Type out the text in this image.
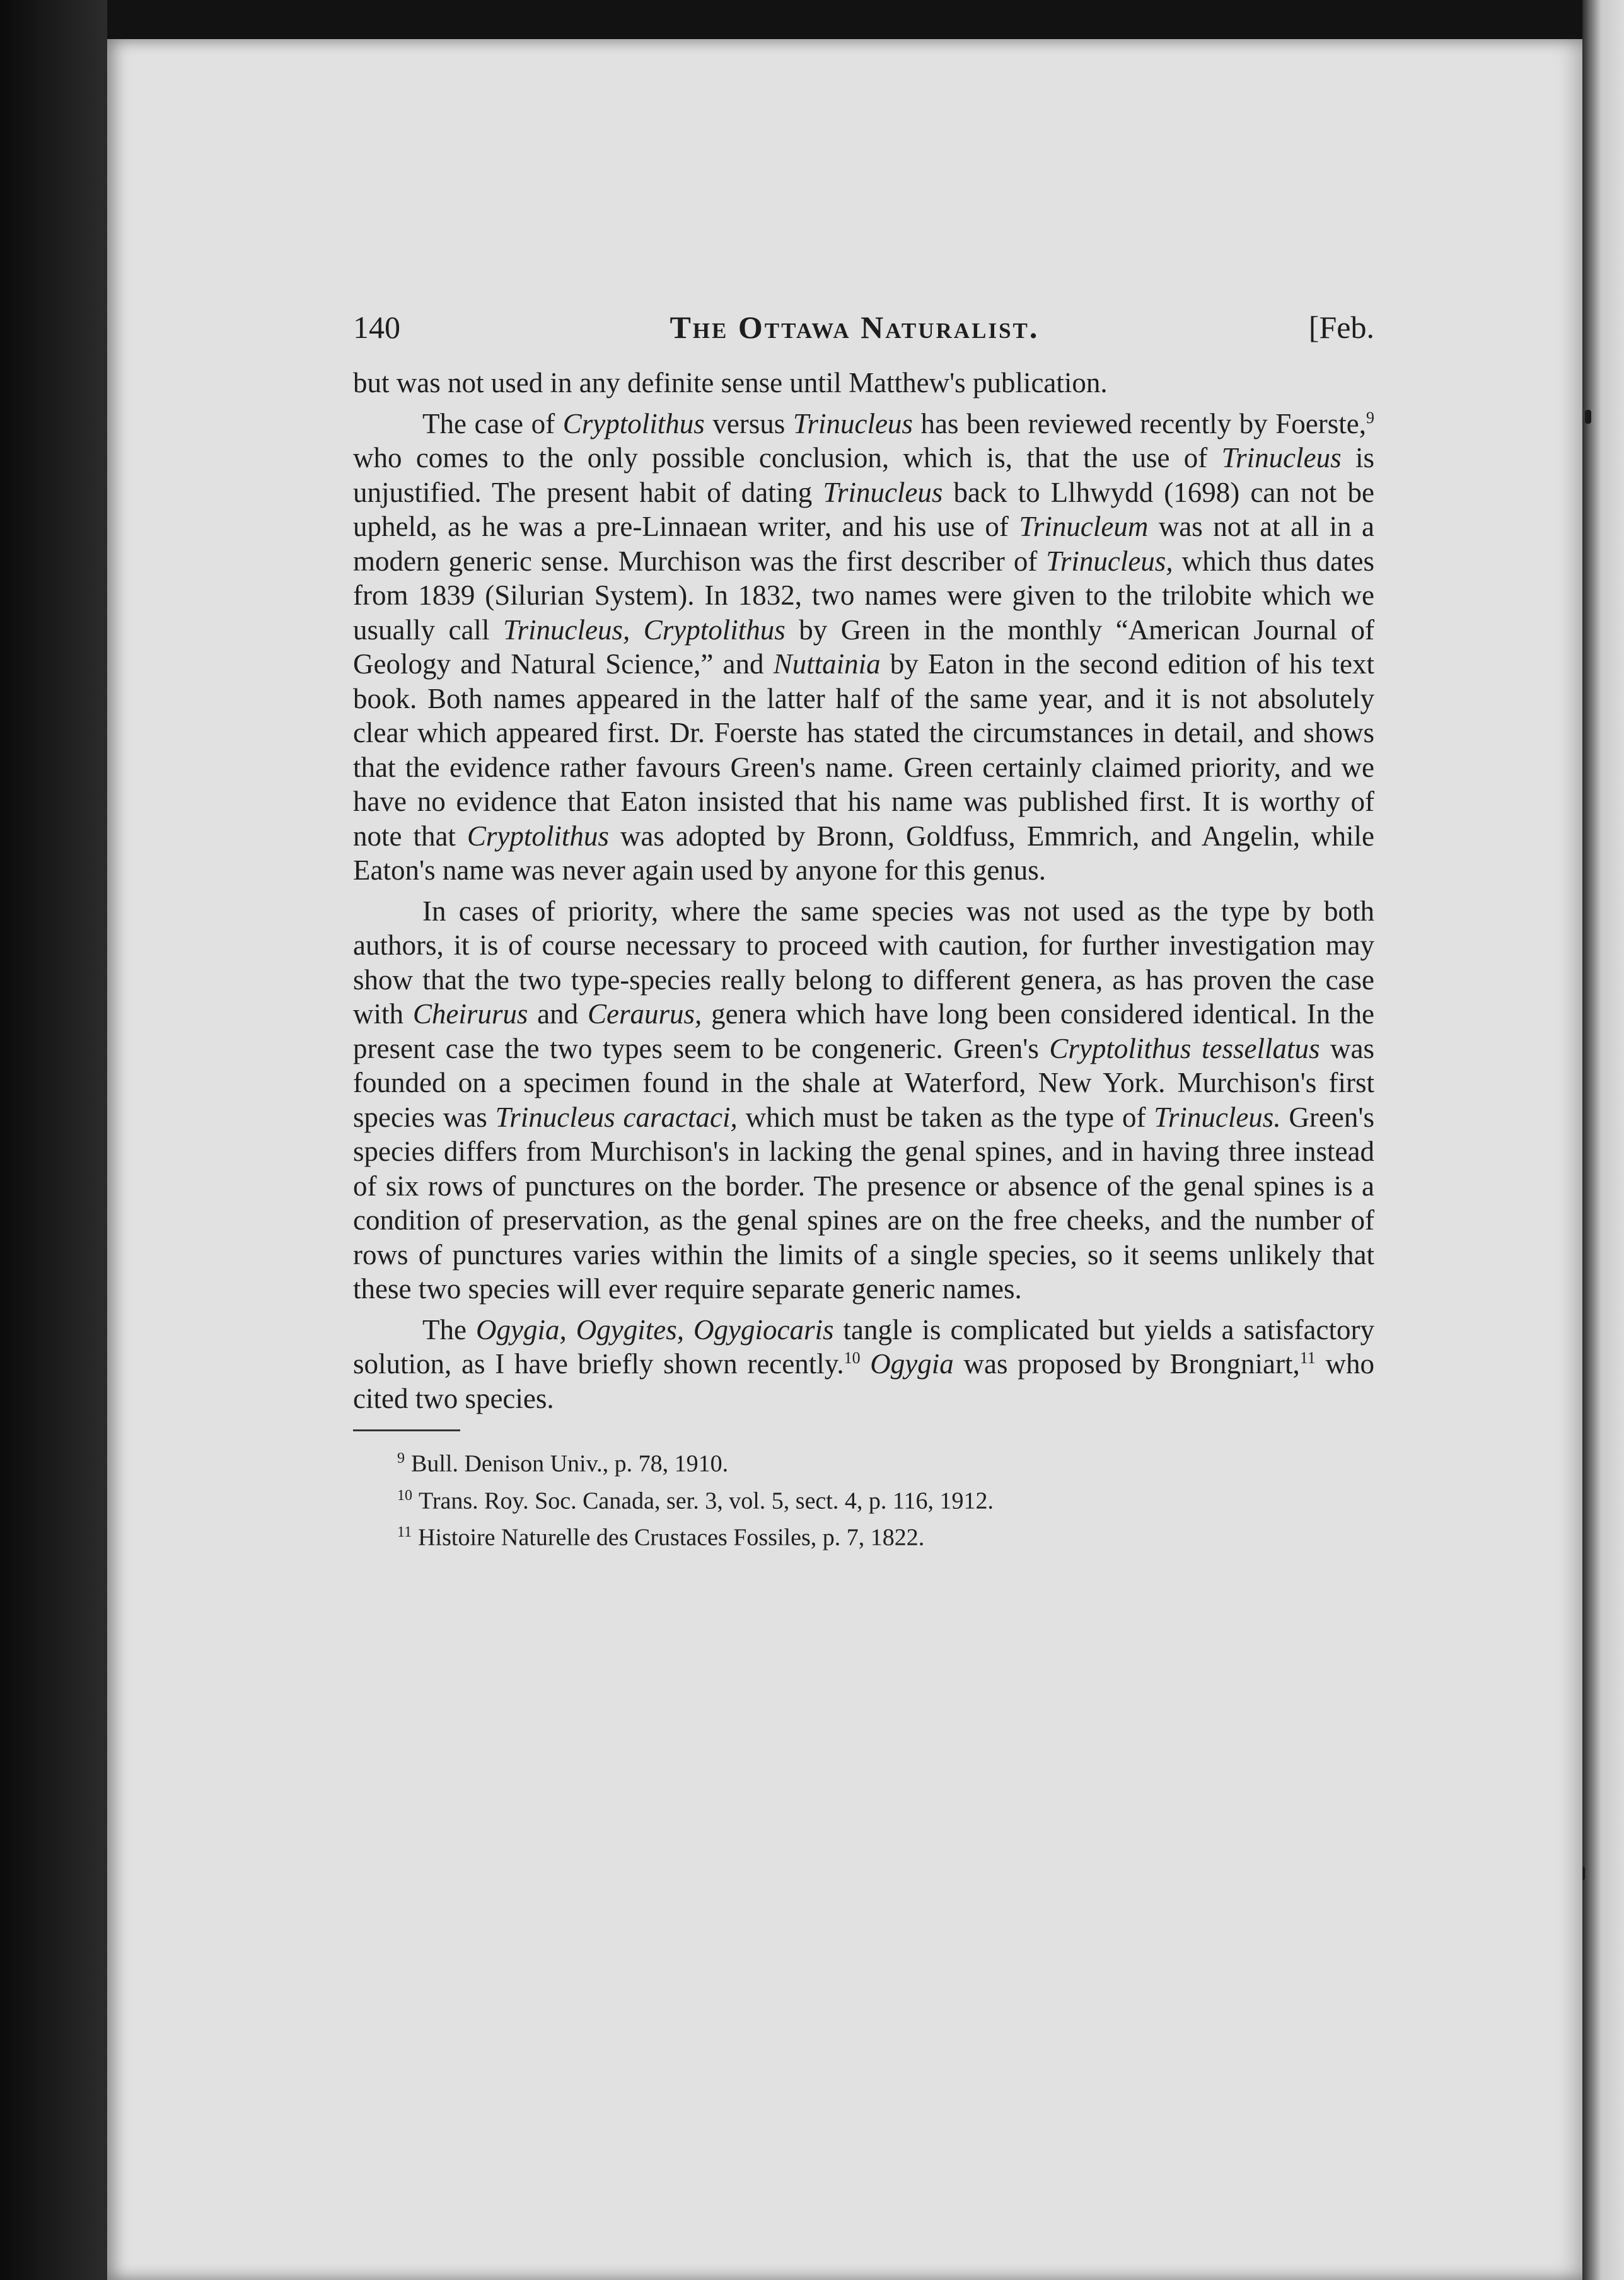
140	The Ottawa Naturalist.	[Feb.

but was not used in any definite sense until Matthew's publication.

The case of Cryptolithus versus Trinucleus has been reviewed recently by Foerste,$^9$ who comes to the only possible conclusion, which is, that the use of Trinucleus is unjustified. The present habit of dating Trinucleus back to Llhwydd (1698) can not be upheld, as he was a pre-Linnaean writer, and his use of Trinucleum was not at all in a modern generic sense. Murchison was the first describer of Trinucleus, which thus dates from 1839 (Silurian System). In 1832, two names were given to the trilobite which we usually call Trinucleus, Cryptolithus by Green in the monthly “American Journal of Geology and Natural Science,” and Nuttainia by Eaton in the second edition of his text book. Both names appeared in the latter half of the same year, and it is not absolutely clear which appeared first. Dr. Foerste has stated the circumstances in detail, and shows that the evidence rather favours Green's name. Green certainly claimed priority, and we have no evidence that Eaton insisted that his name was published first. It is worthy of note that Cryptolithus was adopted by Bronn, Goldfuss, Emmrich, and Angelin, while Eaton's name was never again used by anyone for this genus.

In cases of priority, where the same species was not used as the type by both authors, it is of course necessary to proceed with caution, for further investigation may show that the two type-species really belong to different genera, as has proven the case with Cheirurus and Ceraurus, genera which have long been considered identical. In the present case the two types seem to be congeneric. Green's Cryptolithus tessellatus was founded on a specimen found in the shale at Waterford, New York. Murchison's first species was Trinucleus caractaci, which must be taken as the type of Trinucleus. Green's species differs from Murchison's in lacking the genal spines, and in having three instead of six rows of punctures on the border. The presence or absence of the genal spines is a condition of preservation, as the genal spines are on the free cheeks, and the number of rows of punctures varies within the limits of a single species, so it seems unlikely that these two species will ever require separate generic names.

The Ogygia, Ogygites, Ogygiocaris tangle is complicated but yields a satisfactory solution, as I have briefly shown recently.$^{10}$ Ogygia was proposed by Brongniart,$^{11}$ who cited two species.

$^9$ Bull. Denison Univ., p. 78, 1910.
$^{10}$ Trans. Roy. Soc. Canada, ser. 3, vol. 5, sect. 4, p. 116, 1912.
$^{11}$ Histoire Naturelle des Crustaces Fossiles, p. 7, 1822.
